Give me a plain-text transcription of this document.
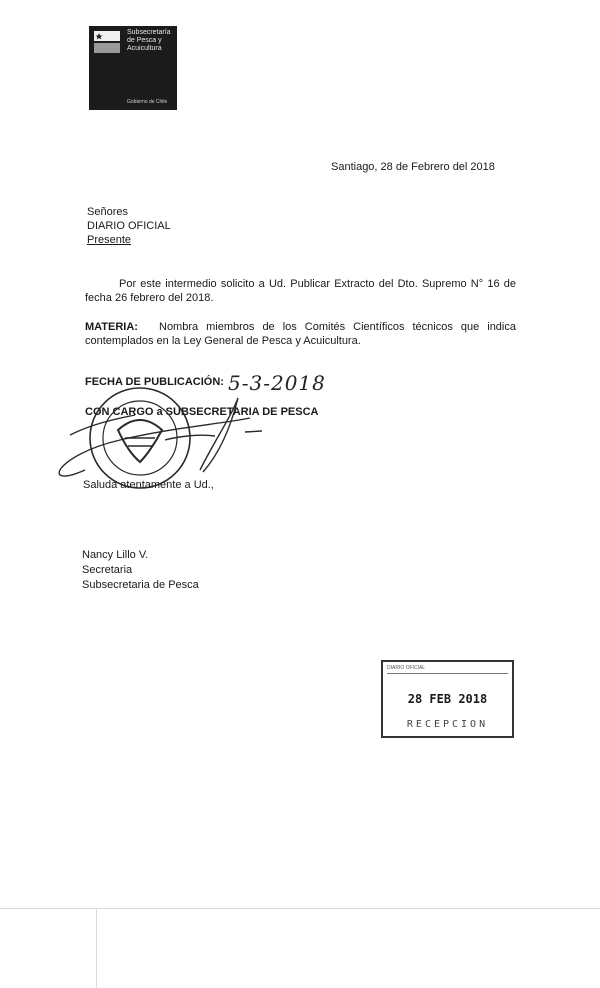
Subsecretaría
de Pesca y
Acuicultura
Gobierno de Chile
Santiago, 28 de Febrero del 2018
Señores
DIARIO OFICIAL
Presente
Por este intermedio solicito a Ud. Publicar Extracto del Dto. Supremo N° 16 de fecha 26 febrero del 2018.
MATERIA:	Nombra miembros de los Comités Científicos técnicos que indica contemplados en la Ley General de Pesca y Acuicultura.
FECHA DE PUBLICACIÓN: 5-3-2018
CON CARGO a SUBSECRETARIA DE PESCA
Saluda atentamente a Ud.,
Nancy Lillo V.
Secretaria
Subsecretaria de Pesca
DIARIO OFICIAL
28 FEB 2018
RECEPCION
